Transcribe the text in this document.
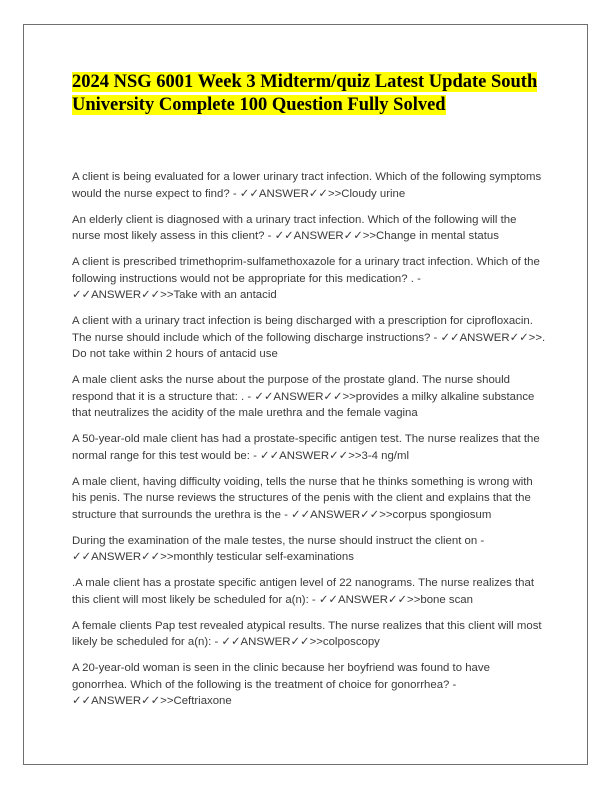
2024 NSG 6001 Week 3 Midterm/quiz Latest Update South University Complete 100 Question Fully Solved

A client is being evaluated for a lower urinary tract infection. Which of the following symptoms would the nurse expect to find? - ✓✓ANSWER✓✓>>Cloudy urine

An elderly client is diagnosed with a urinary tract infection. Which of the following will the nurse most likely assess in this client? - ✓✓ANSWER✓✓>>Change in mental status

A client is prescribed trimethoprim-sulfamethoxazole for a urinary tract infection. Which of the following instructions would not be appropriate for this medication? . - ✓✓ANSWER✓✓>>Take with an antacid

A client with a urinary tract infection is being discharged with a prescription for ciprofloxacin. The nurse should include which of the following discharge instructions? - ✓✓ANSWER✓✓>>. Do not take within 2 hours of antacid use

A male client asks the nurse about the purpose of the prostate gland. The nurse should respond that it is a structure that: . - ✓✓ANSWER✓✓>>provides a milky alkaline substance that neutralizes the acidity of the male urethra and the female vagina

A 50-year-old male client has had a prostate-specific antigen test. The nurse realizes that the normal range for this test would be: - ✓✓ANSWER✓✓>>3-4 ng/ml

A male client, having difficulty voiding, tells the nurse that he thinks something is wrong with his penis. The nurse reviews the structures of the penis with the client and explains that the structure that surrounds the urethra is the - ✓✓ANSWER✓✓>>corpus spongiosum

During the examination of the male testes, the nurse should instruct the client on - ✓✓ANSWER✓✓>>monthly testicular self-examinations

.A male client has a prostate specific antigen level of 22 nanograms. The nurse realizes that this client will most likely be scheduled for a(n): - ✓✓ANSWER✓✓>>bone scan

A female clients Pap test revealed atypical results. The nurse realizes that this client will most likely be scheduled for a(n): - ✓✓ANSWER✓✓>>colposcopy

A 20-year-old woman is seen in the clinic because her boyfriend was found to have gonorrhea. Which of the following is the treatment of choice for gonorrhea? - ✓✓ANSWER✓✓>>Ceftriaxone
